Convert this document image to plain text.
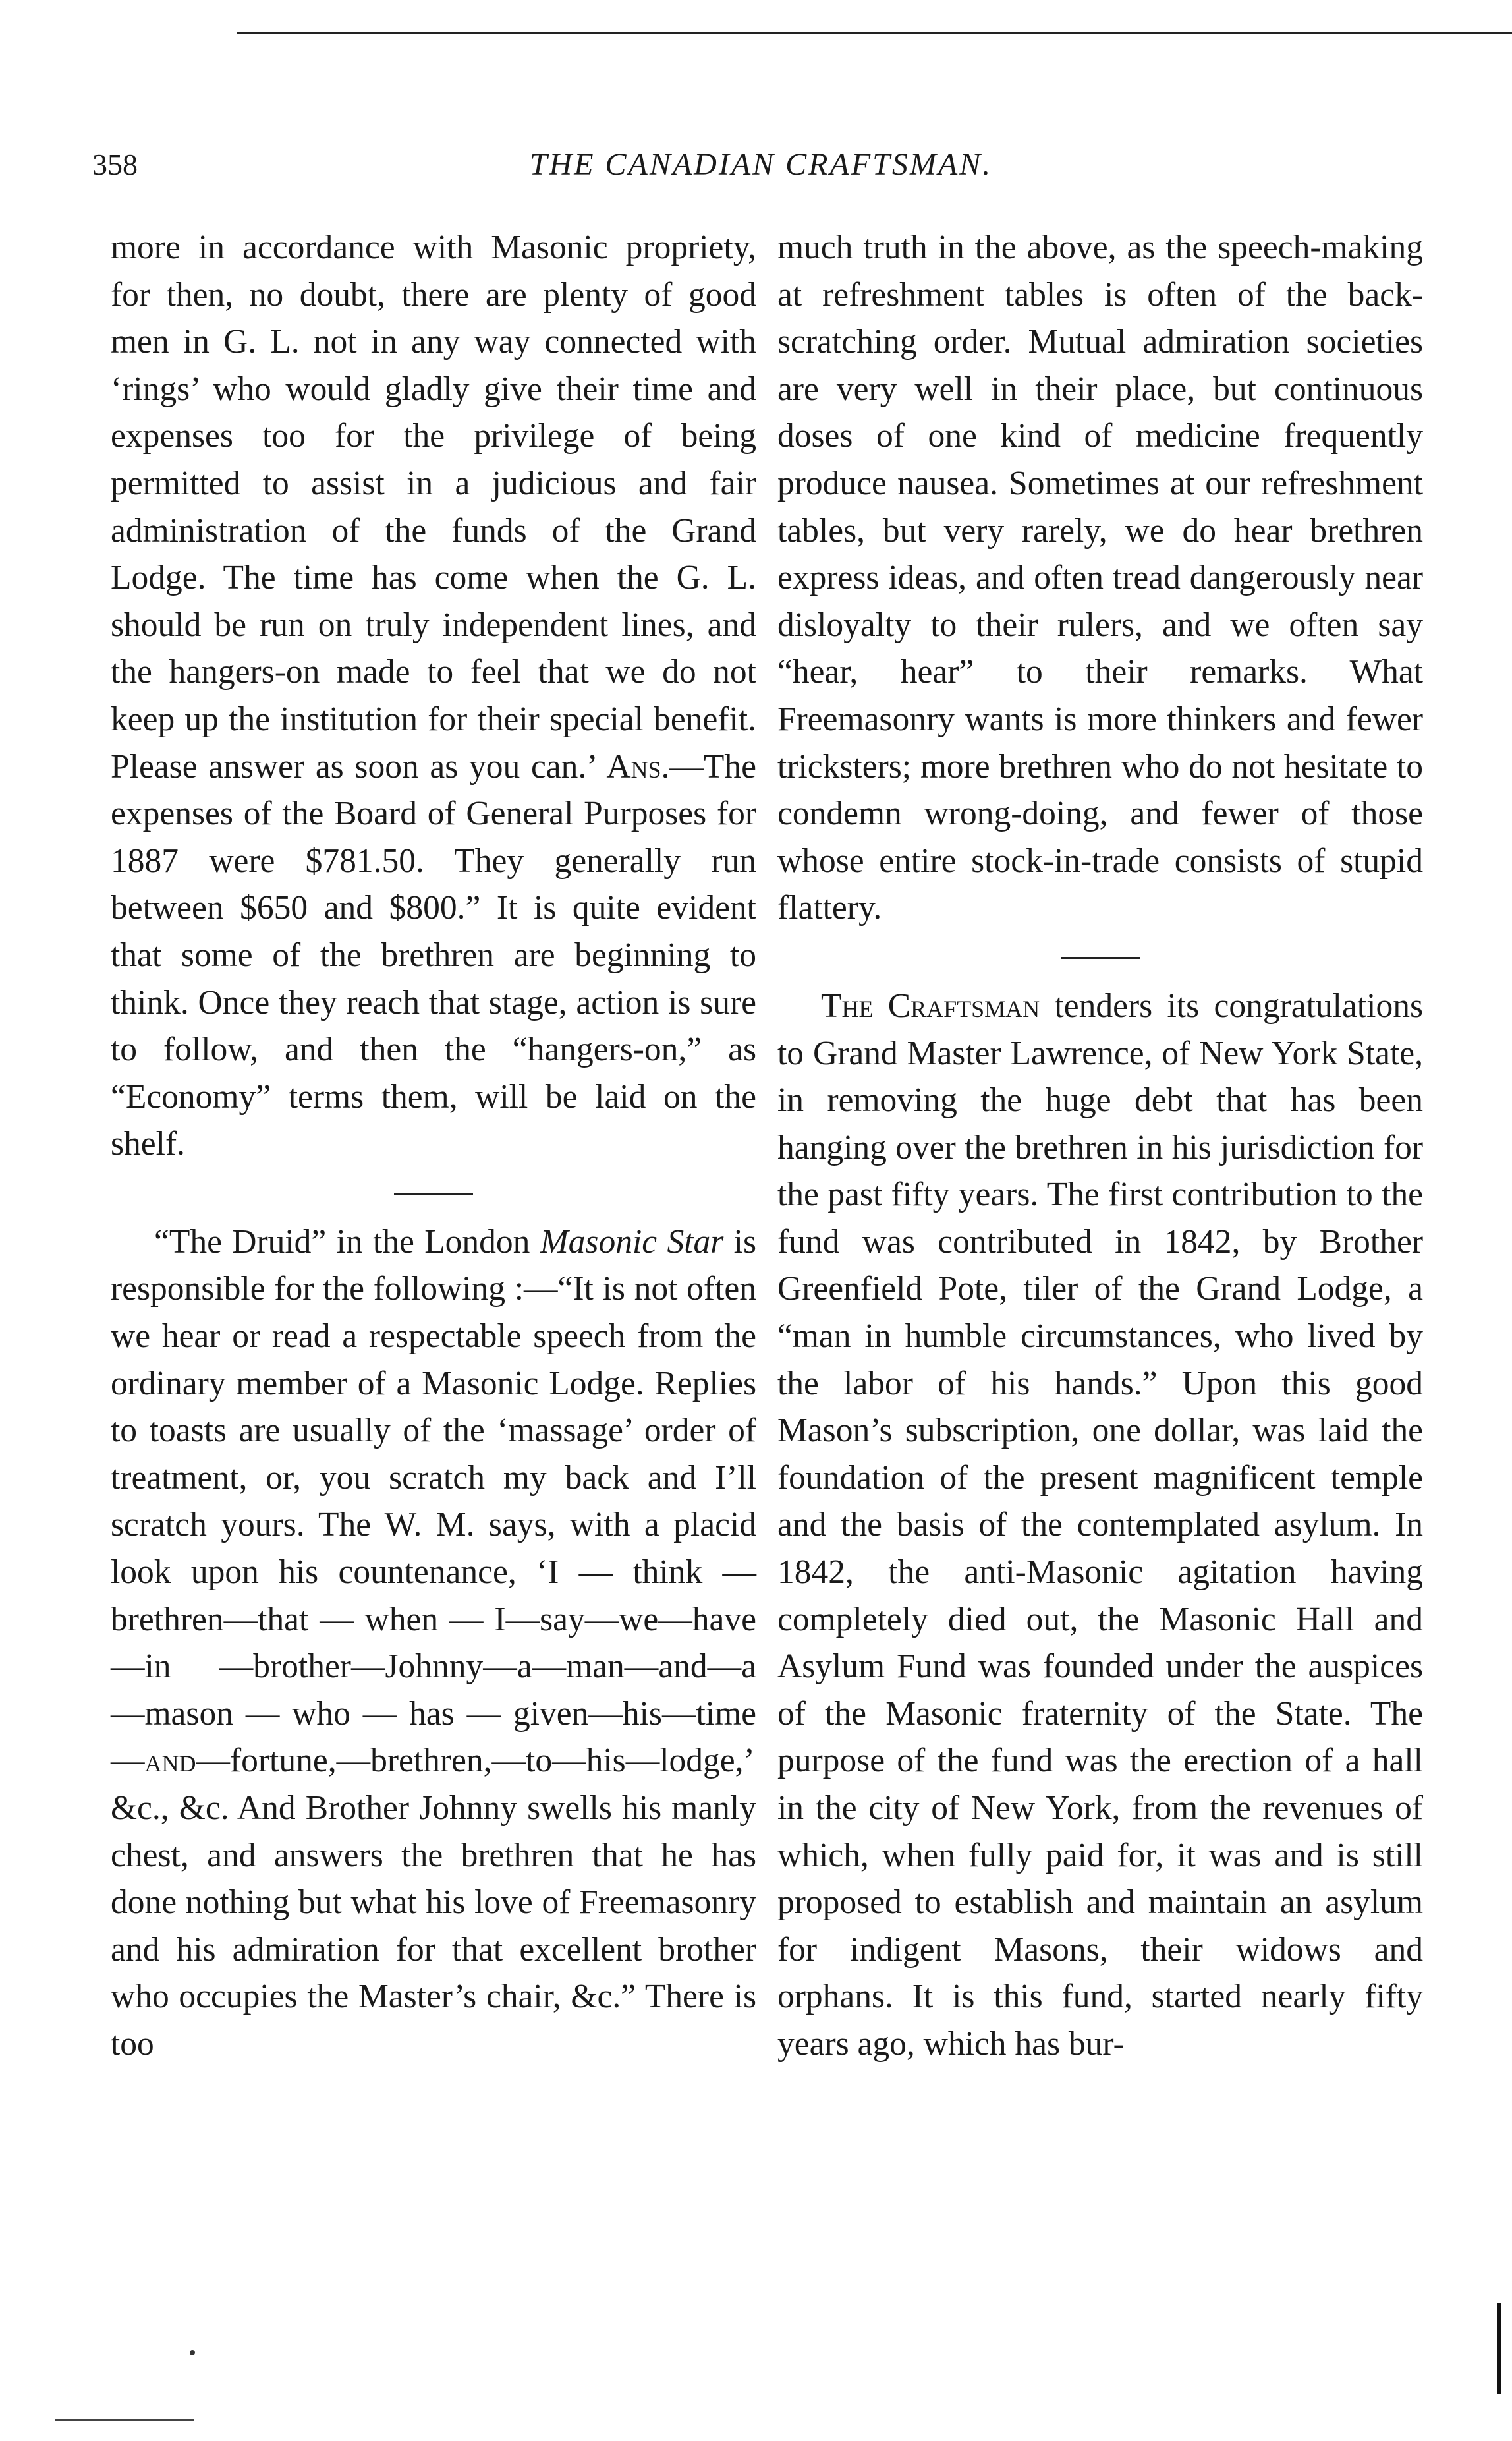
358	THE CANADIAN CRAFTSMAN.

more in accordance with Masonic propriety, for then, no doubt, there are plenty of good men in G. L. not in any way connected with ‘rings’ who would gladly give their time and expenses too for the privilege of being permitted to assist in a judicious and fair administration of the funds of the Grand Lodge. The time has come when the G. L. should be run on truly independent lines, and the hangers-on made to feel that we do not keep up the institution for their special benefit. Please answer as soon as you can.’ Ans.—The expenses of the Board of General Purposes for 1887 were $781.50. They generally run between $650 and $800.” It is quite evident that some of the brethren are beginning to think. Once they reach that stage, action is sure to follow, and then the “hangers-on,” as “Economy” terms them, will be laid on the shelf.

“The Druid” in the London Masonic Star is responsible for the following :—“It is not often we hear or read a respectable speech from the ordinary member of a Masonic Lodge. Replies to toasts are usually of the ‘massage’ order of treatment, or, you scratch my back and I’ll scratch yours. The W. M. says, with a placid look upon his countenance, ‘I — think — brethren—that — when — I—say—we—have—in —brother—Johnny—a—man—and—a —mason — who — has — given—his—time—and—fortune,—brethren,—to—his—lodge,’ &c., &c. And Brother Johnny swells his manly chest, and answers the brethren that he has done nothing but what his love of Freemasonry and his admiration for that excellent brother who occupies the Master’s chair, &c.” There is too

much truth in the above, as the speech-making at refreshment tables is often of the back-scratching order. Mutual admiration societies are very well in their place, but continuous doses of one kind of medicine frequently produce nausea. Sometimes at our refreshment tables, but very rarely, we do hear brethren express ideas, and often tread dangerously near disloyalty to their rulers, and we often say “hear, hear” to their remarks. What Freemasonry wants is more thinkers and fewer tricksters; more brethren who do not hesitate to condemn wrong-doing, and fewer of those whose entire stock-in-trade consists of stupid flattery.

The Craftsman tenders its congratulations to Grand Master Lawrence, of New York State, in removing the huge debt that has been hanging over the brethren in his jurisdiction for the past fifty years. The first contribution to the fund was contributed in 1842, by Brother Greenfield Pote, tiler of the Grand Lodge, a “man in humble circumstances, who lived by the labor of his hands.” Upon this good Mason’s subscription, one dollar, was laid the foundation of the present magnificent temple and the basis of the contemplated asylum. In 1842, the anti-Masonic agitation having completely died out, the Masonic Hall and Asylum Fund was founded under the auspices of the Masonic fraternity of the State. The purpose of the fund was the erection of a hall in the city of New York, from the revenues of which, when fully paid for, it was and is still proposed to establish and maintain an asylum for indigent Masons, their widows and orphans. It is this fund, started nearly fifty years ago, which has bur-
